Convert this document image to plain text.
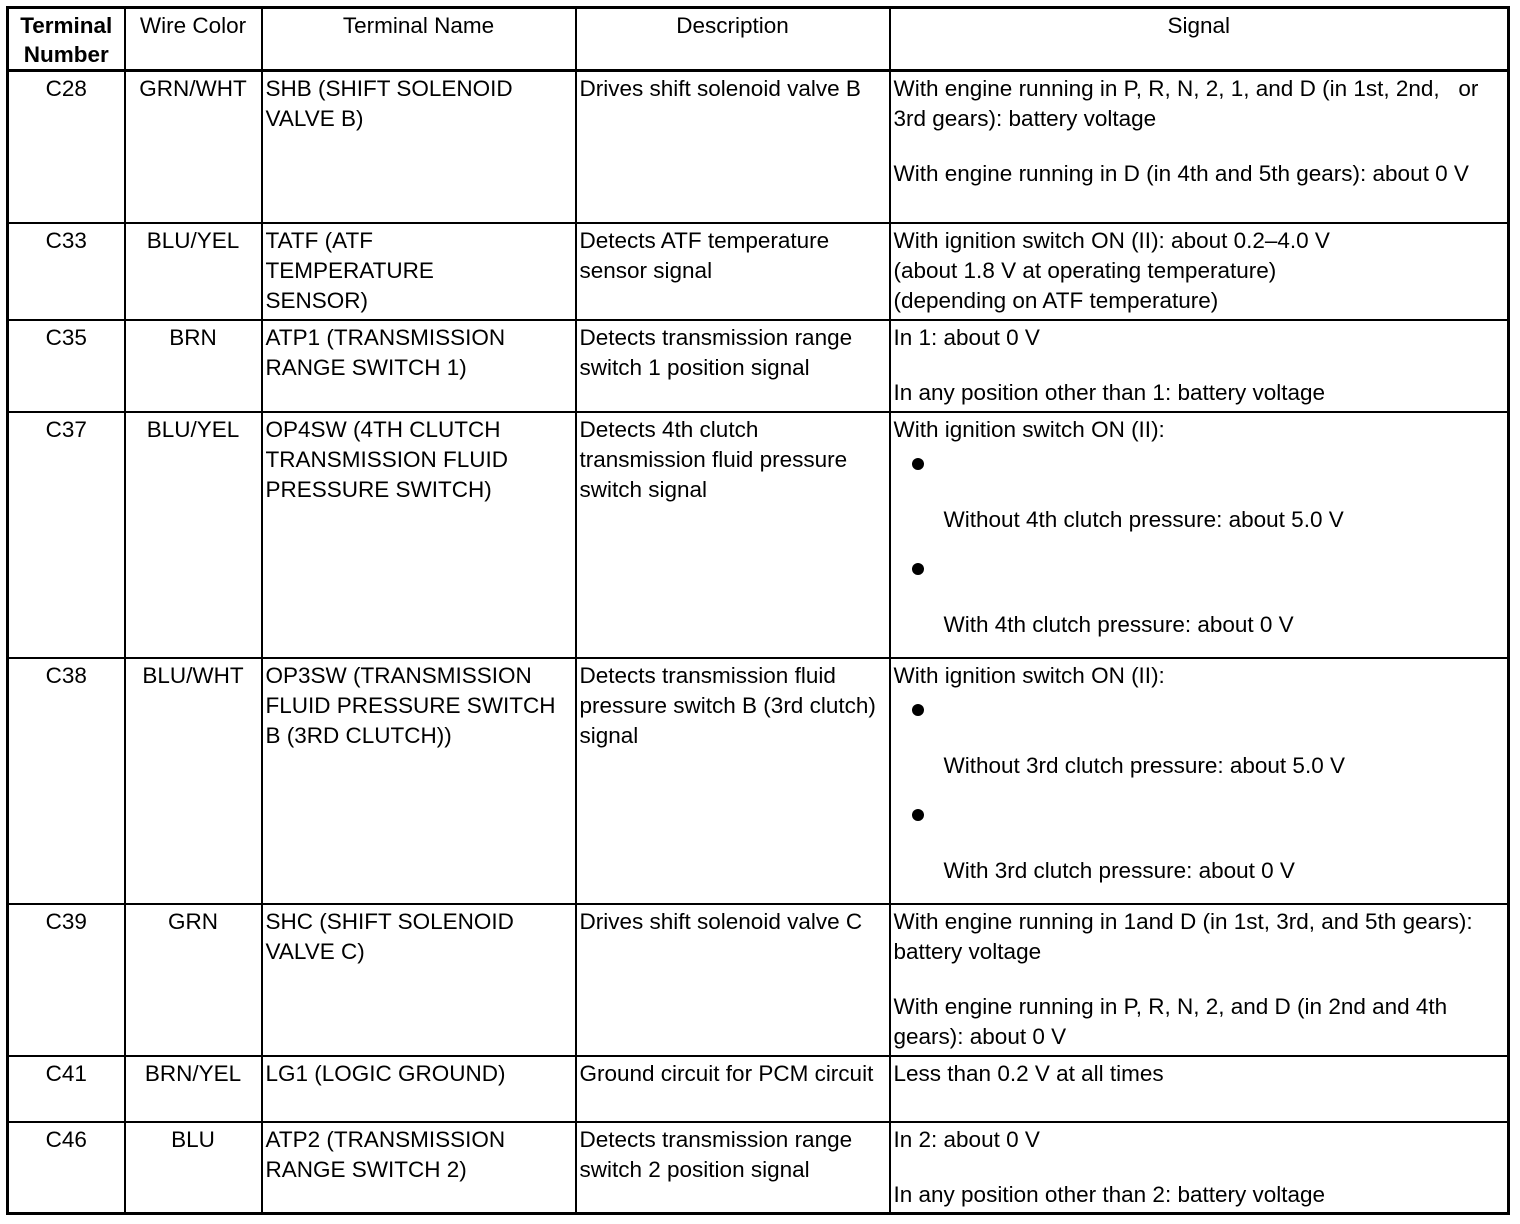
Terminal
Number	Wire Color	Terminal Name	Description	Signal
C28	GRN/WHT	SHB (SHIFT SOLENOID VALVE B)	Drives shift solenoid valve B	With engine running in P, R, N, 2, 1, and D (in 1st, 2nd,   or 3rd gears): battery voltage
With engine running in D (in 4th and 5th gears): about 0 V

C33	BLU/YEL	TATF (ATF TEMPERATURE SENSOR)	Detects ATF temperature sensor signal	With ignition switch ON (II): about 0.2–4.0 V
(about 1.8 V at operating temperature)
(depending on ATF temperature)

C35	BRN	ATP1 (TRANSMISSION RANGE SWITCH 1)	Detects transmission range switch 1 position signal	In 1: about 0 V
In any position other than 1: battery voltage

C37	BLU/YEL	OP4SW (4TH CLUTCH TRANSMISSION FLUID PRESSURE SWITCH)	Detects 4th clutch transmission fluid pressure switch signal	With ignition switch ON (II):
Without 4th clutch pressure: about 5.0 V
With 4th clutch pressure: about 0 V

C38	BLU/WHT	OP3SW (TRANSMISSION FLUID PRESSURE SWITCH B (3RD CLUTCH))	Detects transmission fluid pressure switch B (3rd clutch) signal	With ignition switch ON (II):
Without 3rd clutch pressure: about 5.0 V
With 3rd clutch pressure: about 0 V

C39	GRN	SHC (SHIFT SOLENOID VALVE C)	Drives shift solenoid valve C	With engine running in 1and D (in 1st, 3rd, and 5th gears): battery voltage
With engine running in P, R, N, 2, and D (in 2nd and 4th gears): about 0 V

C41	BRN/YEL	LG1 (LOGIC GROUND)	Ground circuit for PCM circuit	Less than 0.2 V at all times

C46	BLU	ATP2 (TRANSMISSION RANGE SWITCH 2)	Detects transmission range switch 2 position signal	In 2: about 0 V
In any position other than 2: battery voltage
